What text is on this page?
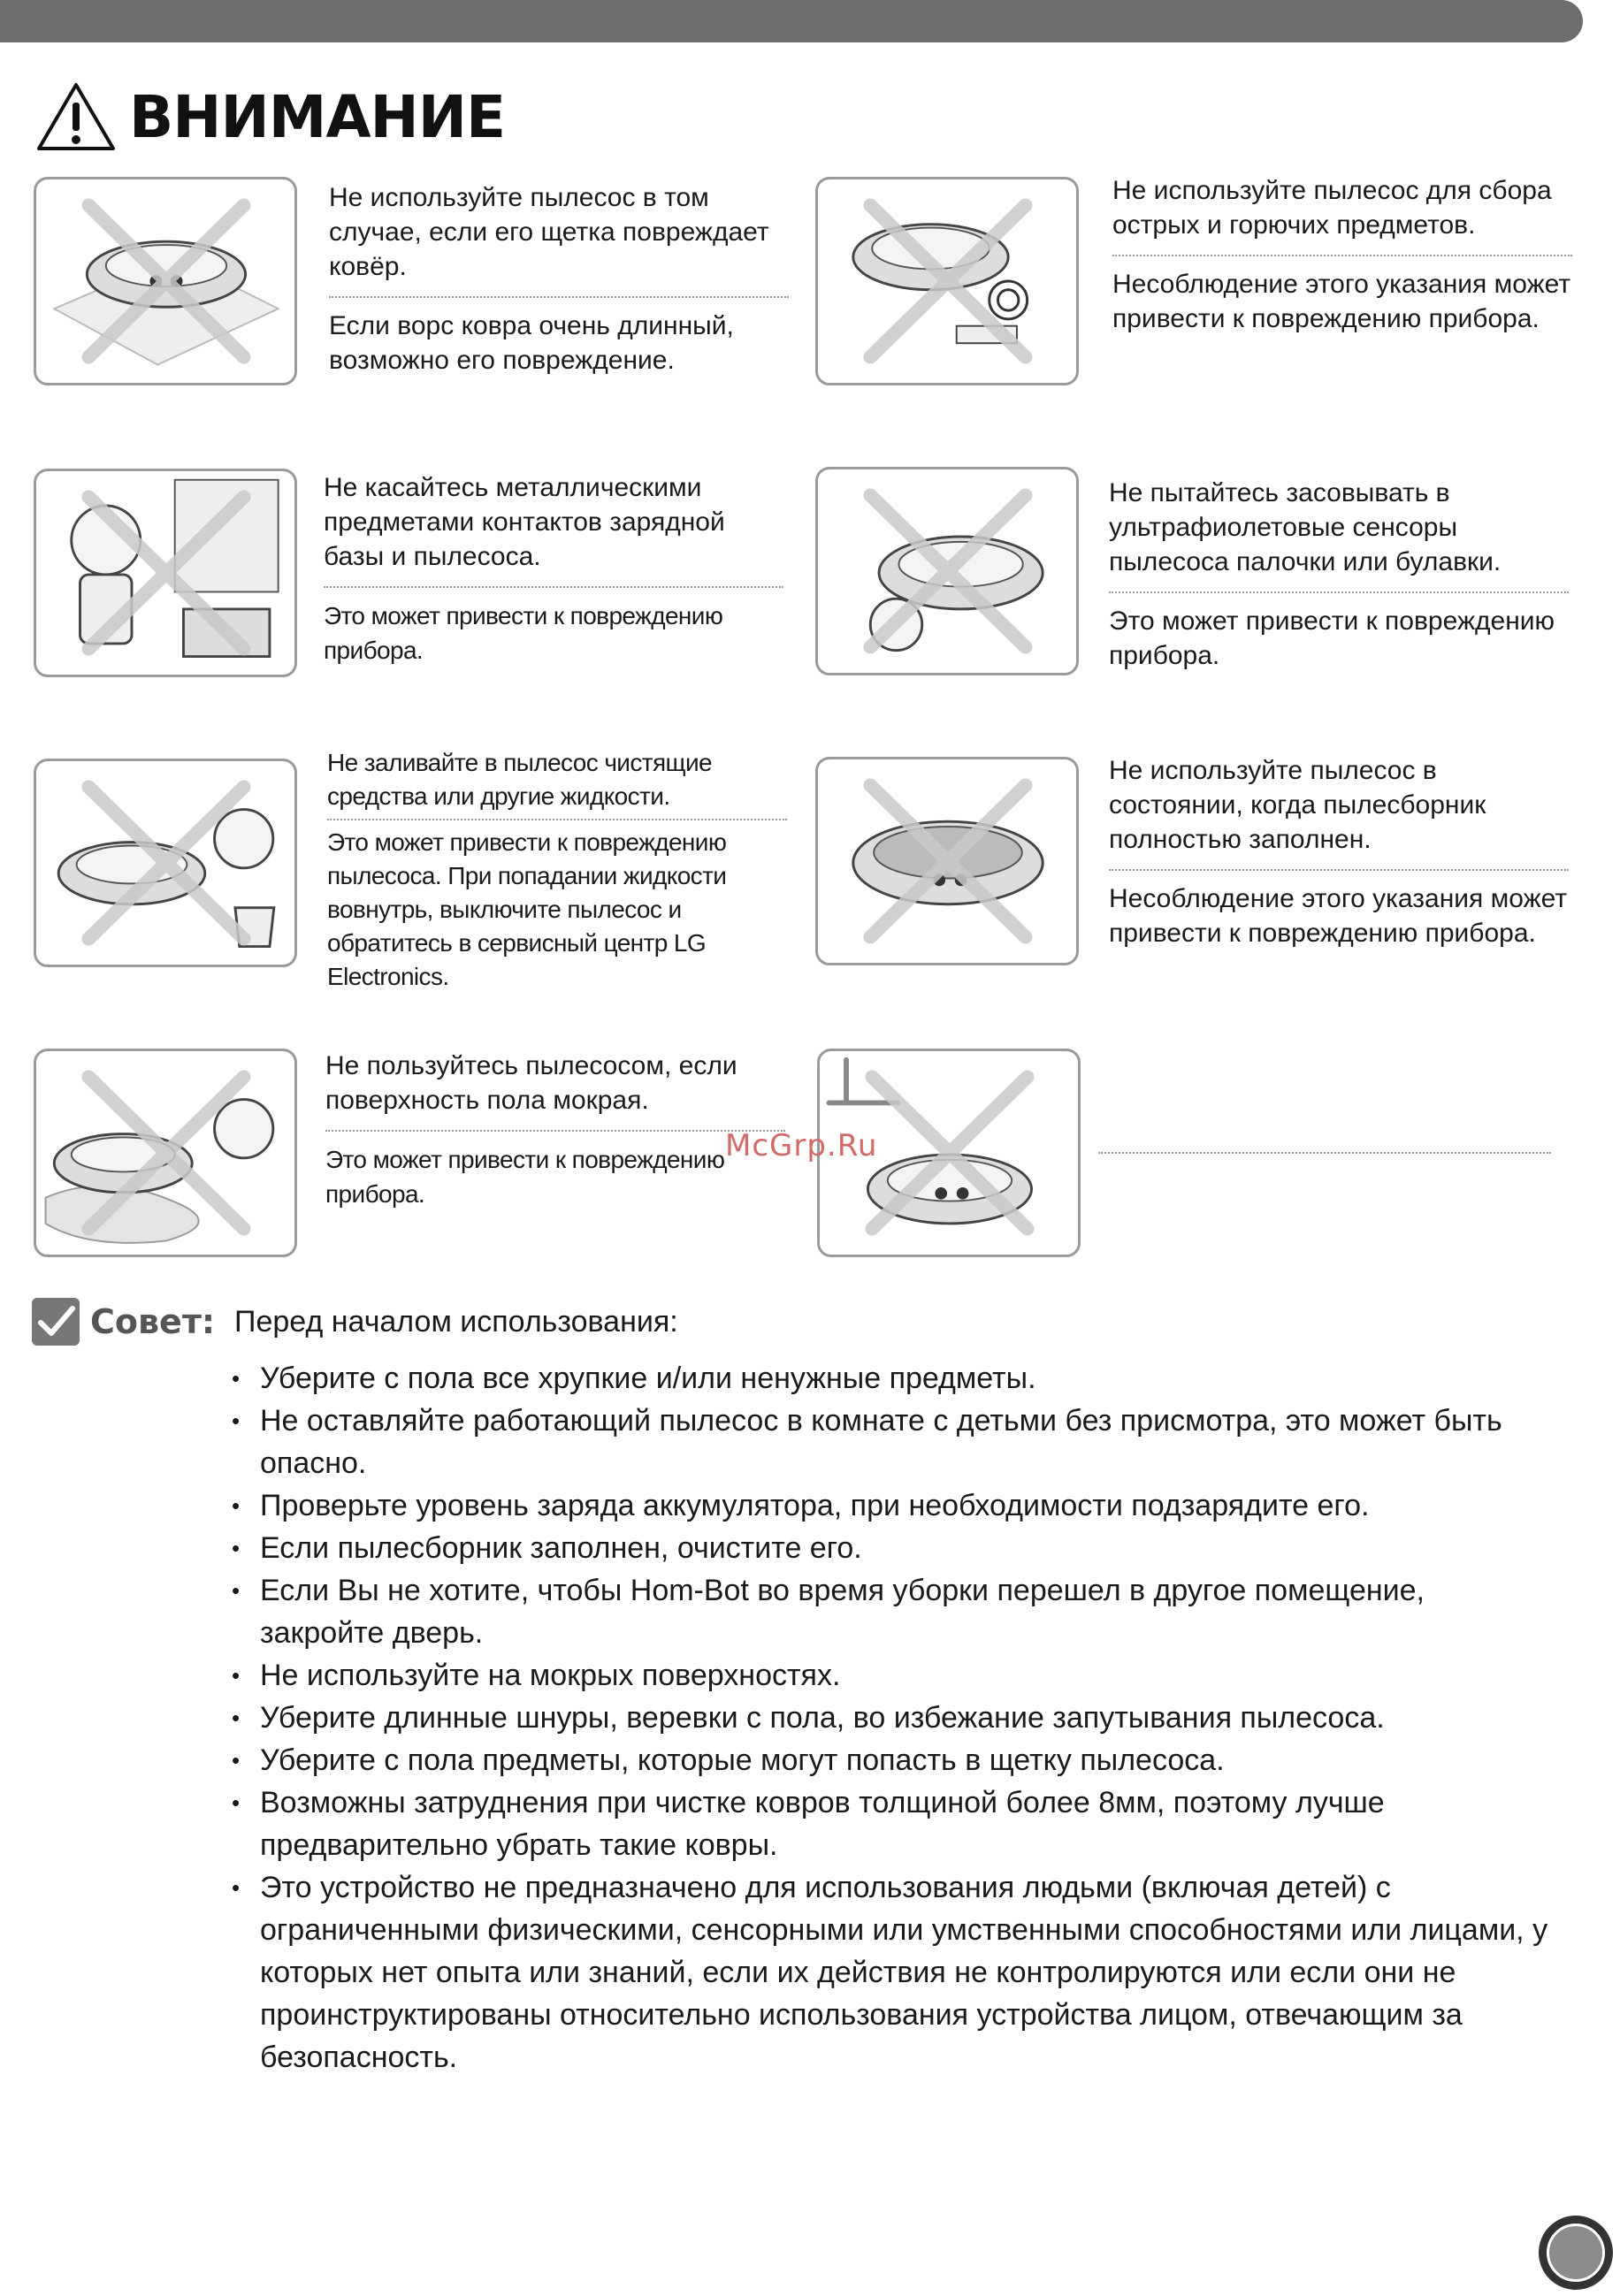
ВНИМАНИЕ
Не используйте пылесос в том случае, если его щетка повреждает ковёр.
Если ворс ковра очень длинный, возможно его повреждение.
Не используйте пылесос для сбора острых и горючих предметов.
Несоблюдение этого указания может привести к повреждению прибора.
Не касайтесь металлическими предметами контактов зарядной базы и пылесоса.
Это может привести к повреждению прибора.
Не пытайтесь засовывать в ультрафиолетовые сенсоры пылесоса палочки или булавки.
Это может привести к повреждению прибора.
Не заливайте в пылесос чистящие средства или другие жидкости.
Это может привести к повреждению пылесоса. При попадании жидкости вовнутрь, выключите пылесос и обратитесь в сервисный центр LG Electronics.
Не используйте пылесос в состоянии, когда пылесборник полностью заполнен.
Несоблюдение этого указания может привести к повреждению прибора.
Не пользуйтесь пылесосом, если поверхность пола мокрая.
Это может привести к повреждению прибора.
McGrp.Ru
Совет: Перед началом использования:
• Уберите с пола все хрупкие и/или ненужные предметы.
• Не оставляйте работающий пылесос в комнате с детьми без присмотра, это может быть опасно.
• Проверьте уровень заряда аккумулятора, при необходимости подзарядите его.
• Если пылесборник заполнен, очистите его.
• Если Вы не хотите, чтобы Hom-Bot во время уборки перешел в другое помещение, закройте дверь.
• Не используйте на мокрых поверхностях.
• Уберите длинные шнуры, веревки с пола, во избежание запутывания пылесоса.
• Уберите с пола предметы, которые могут попасть в щетку пылесоса.
• Возможны затруднения при чистке ковров толщиной более 8мм, поэтому лучше предварительно убрать такие ковры.
• Это устройство не предназначено для использования людьми (включая детей) с ограниченными физическими, сенсорными или умственными способностями или лицами, у которых нет опыта или знаний, если их действия не контролируются или если они не проинструктированы относительно использования устройства лицом, отвечающим за безопасность.
